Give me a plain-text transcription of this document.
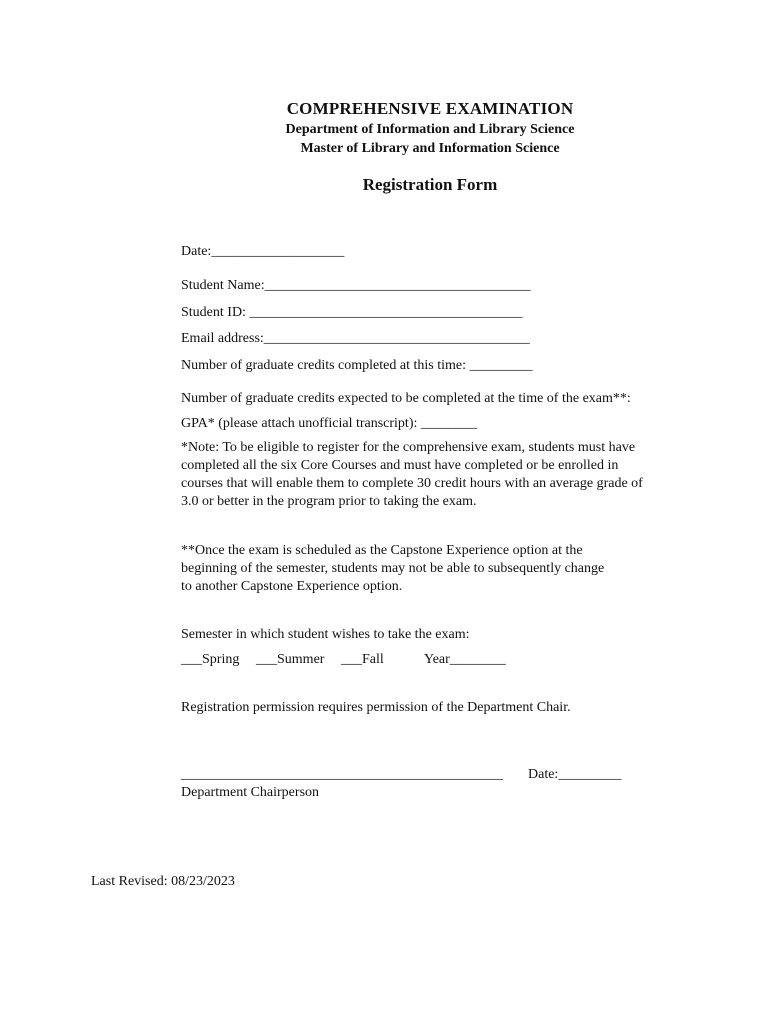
COMPREHENSIVE EXAMINATION
Department of Information and Library Science
Master of Library and Information Science
Registration Form
Date:___________________
Student Name:______________________________________
Student ID: _______________________________________
Email address:______________________________________
Number of graduate credits completed at this time: _________
Number of graduate credits expected to be completed at the time of the exam**:
GPA* (please attach unofficial transcript): ________
*Note: To be eligible to register for the comprehensive exam, students must have
completed all the six Core Courses and must have completed or be enrolled in
courses that will enable them to complete 30 credit hours with an average grade of
3.0 or better in the program prior to taking the exam.
**Once the exam is scheduled as the Capstone Experience option at the
beginning of the semester, students may not be able to subsequently change
to another Capstone Experience option.
Semester in which student wishes to take the exam:
___Spring ___Summer ___Fall	Year________
Registration permission requires permission of the Department Chair.
______________________________________________ Date:_________
Department Chairperson
Last Revised: 08/23/2023
